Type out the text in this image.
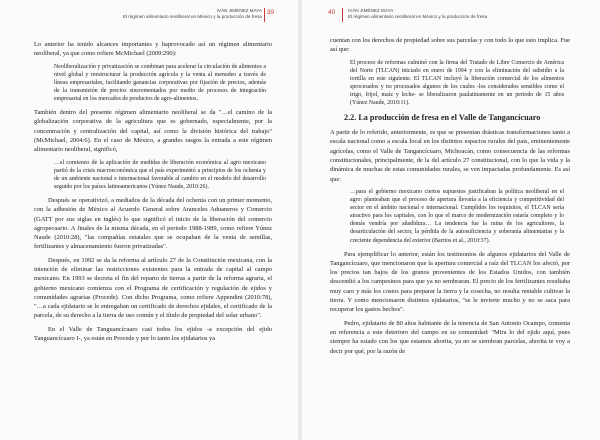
IVÁN JIMÉNEZ MAYA
El régimen alimentario neoliberal en México y la producción de fresa
39

Lo anterior ha tenido alcances importantes y haprovocado así un régimen alimentario neoliberal, ya que como refiere McMichael (2009:290):

Neoliberalización y privatización se combinan para acelerar la circulación de alimentos a nivel global y reestructurar la producción agrícola y la venta al menudeo a través de líneas empresariales, facilitando ganancias corporativas por fijación de precios, además de la transmisión de precios sincrementados por medio de procesos de integración empresarial en los mercados de productos de agro-alimentos.

También dentro del presente régimen alimentario neoliberal se da "…el camino de la globalización corporativa de la agricultura que es gobernado, especialmente, por la concentración y centralización del capital, así como la división histórica del trabajo" (McMichael, 2004:6). En el caso de México, a grandes rasgos la entrada a este régimen alimentario neoliberal, significó,

…el comienzo de la aplicación de medidas de liberación económica al agro mexicano partió de la crisis macroeconómica que el país experimentó a principios de los ochenta y de un ambiente nacional e internacional favorable al cambio en el modelo del desarrollo seguido por los países latinoamericanos (Yúnez Naude, 2010:26).

Después se operativizó, a mediados de la década del ochenta con un primer momento, con la adhesión de México al Acuerdo General sobre Aranceles Aduaneros y Comercio (GATT por sus siglas en inglés) lo que significó el inicio de la liberación del comercio agropecuario. A finales de la misma década, en el periodo 1988-1989, como refiere Yúnez Naude (2010:28), "las compañías estatales que se ocupaban de la venta de semillas, fertilizantes y almacenamiento fueron privatizadas".

Después, en 1992 se da la reforma al artículo 27 de la Constitución mexicana, con la intención de eliminar las restricciones existentes para la entrada de capital al campo mexicano. En 1993 se decreta el fin del reparto de tierras a partir de la reforma agraria, el gobierno mexicano comienza con el Programa de certificación y regulación de ejidos y comunidades agrarias (Procede). Con dicho Programa, como refiere Appendini (2010:78), "…a cada ejidatario se le entregaban un certificado de derechos ejidales, el certificado de la parcela, de su derecho a la tierra de uso común y el título de propiedad del solar urbano".

En el Valle de Tanguancícuaro casi todos los ejidos -a excepción del ejido Tanguancícuaro I-, ya están en Procede y por lo tanto los ejidatarios ya

40	IVÁN JIMÉNEZ MAYA
El régimen alimentario neoliberal en México y la producción de fresa

cuentan con los derechos de propiedad sobre sus parcelas y con todo lo que esto implica. Fue así que:

El proceso de reformas culminó con la firma del Tratado de Libre Comercio de América del Norte (TLCAN) iniciado en enero de 1994 y con la eliminación del subsidio a la tortilla en este siguiente. El TLCAN incluyó la liberación comercial de los alimentos sprocesados y no procesados algunos de los cuales -los considerados sensibles como el trigo, frijol, maíz y leche- se liberalizaron paulatinamente en un periodo de 15 años (Yúnez Naude, 2010:11).

2.2. La producción de fresa en el Valle de Tangancícuaro

A partir de lo referido, anteriormente, es que se presentan drásticas transformaciones tanto a escala nacional como a escala local en los distintos espacios rurales del país, eminentemente agrícolas, como el Valle de Tangancícuaro, Michoacán, como consecuencia de las reformas constitucionales, principalmente, de la del artículo 27 constitucional, con lo que la vida y la dinámica de muchas de estas comunidades rurales, se ven impactadas profundamente. Es así que:

…para el gobierno mexicano ciertos supuestos justificaban la política neoliberal en el agro: planteaban que el proceso de apertura llevaría a la eficiencia y competitividad del sector en el ámbito nacional e internacional. Cumplidos los requisitos, el TLCAN sería atractivo para los capitales, con lo que el marco de modernización estaría completo y lo demás vendría por añadidura… La tendencia fue la ruina de los agricultores, la desarticulación del sector, la pérdida de la autosuficiencia y soberanía alimentarias y la creciente dependencia del exterior (Barrios et al., 2010:37).

Para ejemplificar lo anterior, están los testimonios de algunos ejidatarios del Valle de Tangancícuaro, que mencionaron que la apertura comercial a raíz del TLCAN los afectó, por los precios tan bajos de los granos provenientes de los Estados Unidos, con también descendió a los campesinos para que ya no sembraran. El precio de los fertilizantes resultaba muy caro y más los costos para preparar la tierra y la cosecha, no resulta rentable cultivar la tierra. Y como mencionaron distintos ejidatarios, "se le invierte mucho y no se saca para recuperar los gastos hechos".

Pedro, ejidatario de 80 años habitante de la tenencia de San Antonio Ocampo, comenta en referencia a este deterioro del campo en su comunidad: "Mira lo del ejido aquí, pues siempre ha estado con los que estamos ahorita, ya no se siembran parcelas, ahorita te voy a decir por qué, por la razón de
